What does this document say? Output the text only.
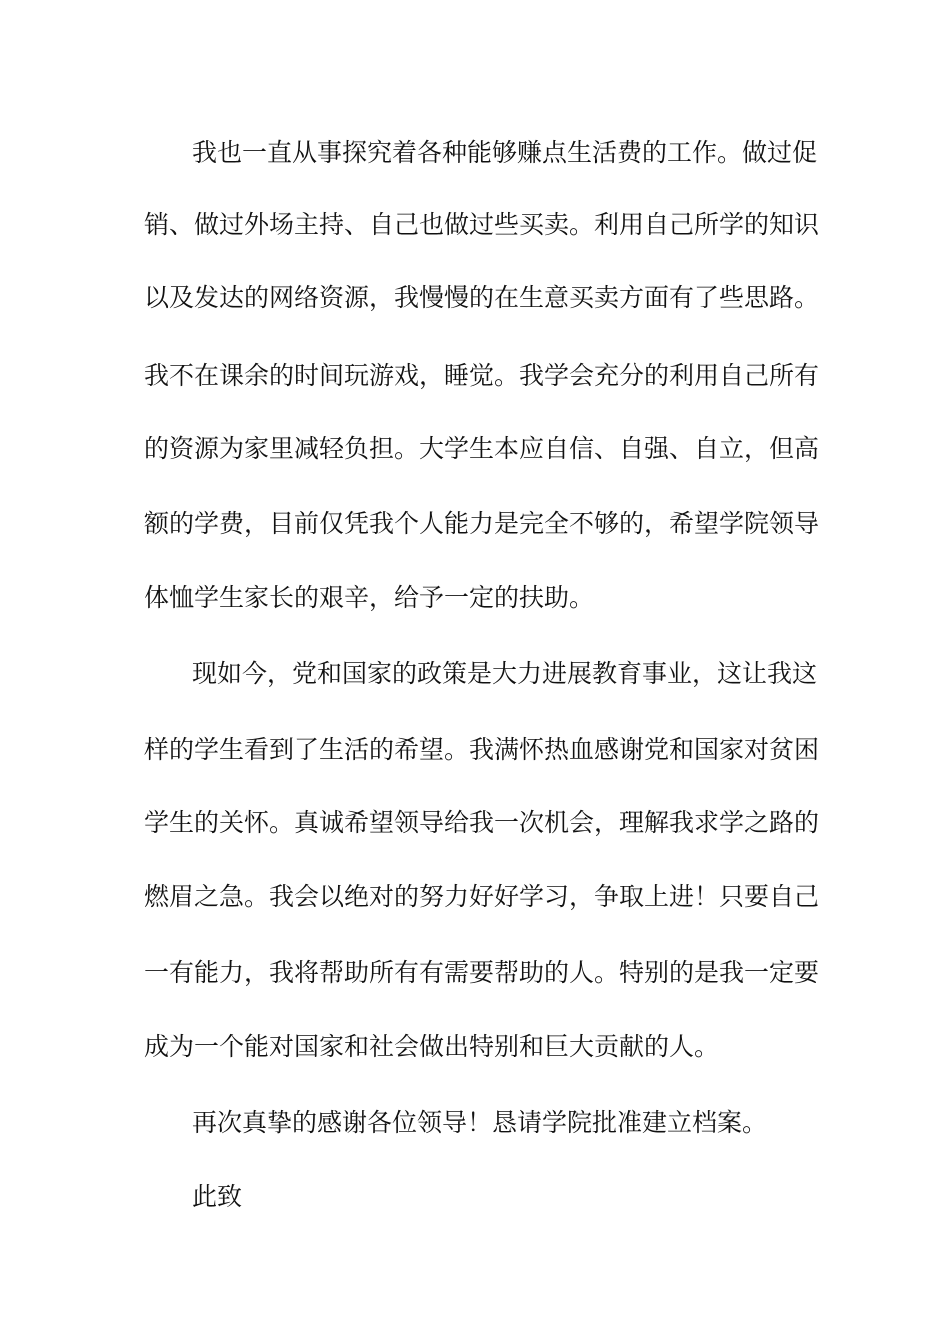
我也一直从事探究着各种能够赚点生活费的工作。做过促
销、做过外场主持、自己也做过些买卖。利用自己所学的知识
以及发达的网络资源，我慢慢的在生意买卖方面有了些思路。
我不在课余的时间玩游戏，睡觉。我学会充分的利用自己所有
的资源为家里减轻负担。大学生本应自信、自强、自立，但高
额的学费，目前仅凭我个人能力是完全不够的，希望学院领导
体恤学生家长的艰辛，给予一定的扶助。
现如今，党和国家的政策是大力进展教育事业，这让我这
样的学生看到了生活的希望。我满怀热血感谢党和国家对贫困
学生的关怀。真诚希望领导给我一次机会，理解我求学之路的
燃眉之急。我会以绝对的努力好好学习，争取上进！只要自己
一有能力，我将帮助所有有需要帮助的人。特别的是我一定要
成为一个能对国家和社会做出特别和巨大贡献的人。
再次真挚的感谢各位领导！恳请学院批准建立档案。
此致
